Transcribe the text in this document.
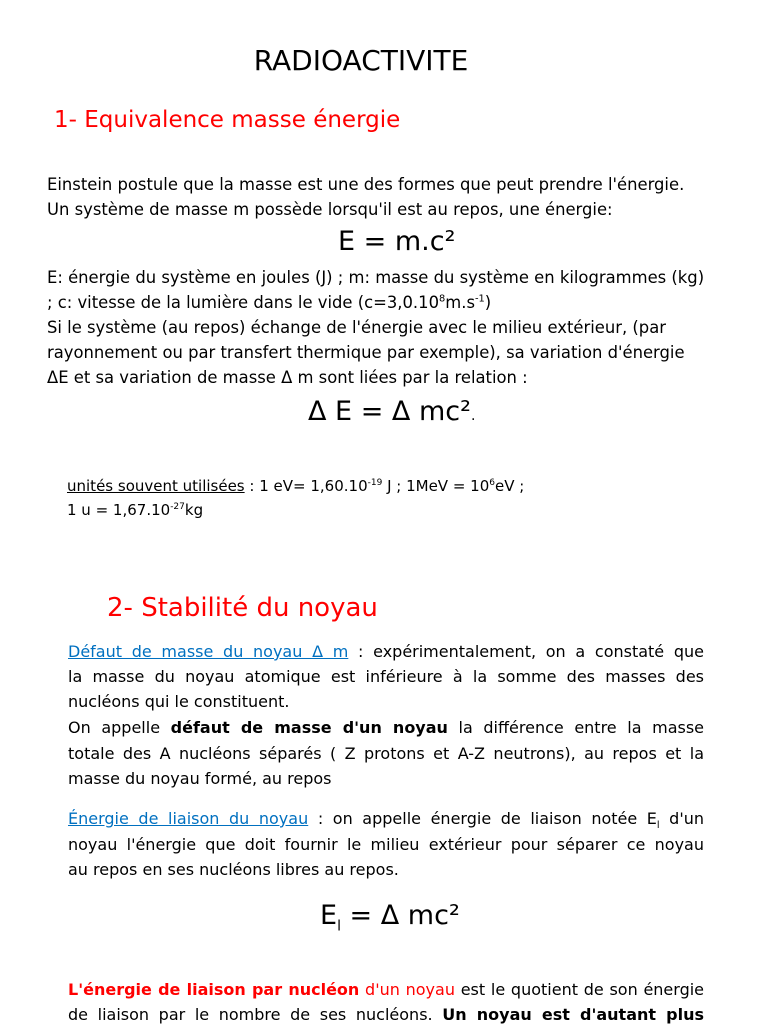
RADIOACTIVITE
1- Equivalence masse énergie
Einstein postule que la masse est une des formes que peut prendre l'énergie.
Un système de masse m possède lorsqu'il est au repos, une énergie:
E = m.c²
E: énergie du système en joules (J) ; m: masse du système en kilogrammes (kg)
; c: vitesse de la lumière dans le vide $(c=3,0.10^8m.s^{-1})$
Si le système (au repos) échange de l'énergie avec le milieu extérieur, (par
rayonnement ou par transfert thermique par exemple), sa variation d'énergie
ΔE et sa variation de masse Δ m sont liées par la relation :
Δ E = Δ mc².
unités souvent utilisées : 1 $eV= 1,60.10^{-19}$ J ; $1MeV = 10^6eV$ ;
1 $u = 1,67.10^{-27}kg$
2- Stabilité du noyau
Défaut de masse du noyau Δ m : expérimentalement, on a constaté que
la masse du noyau atomique est inférieure à la somme des masses des
nucléons qui le constituent.
On appelle défaut de masse d'un noyau la différence entre la masse
totale des A nucléons séparés ( Z protons et A-Z neutrons), au repos et la
masse du noyau formé, au repos
Énergie de liaison du noyau : on appelle énergie de liaison notée $E_l$ d'un
noyau l'énergie que doit fournir le milieu extérieur pour séparer ce noyau
au repos en ses nucléons libres au repos.
$E_l = \Delta$ mc²
L'énergie de liaison par nucléon d'un noyau est le quotient de son énergie
de liaison par le nombre de ses nucléons. Un noyau est d'autant plus
